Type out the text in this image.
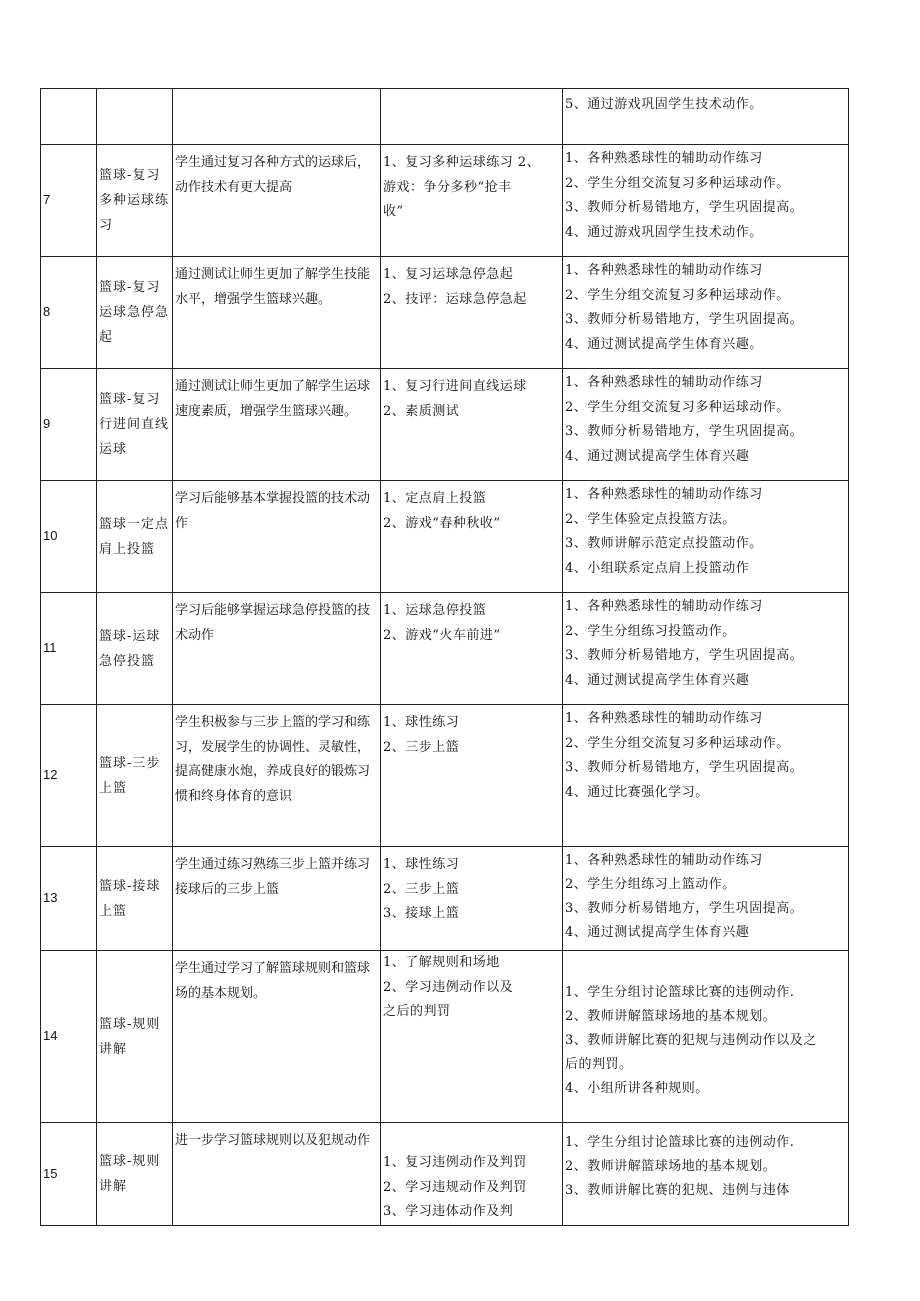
				5、通过游戏巩固学生技术动作。

7	篮球-复习多种运球练习	学生通过复习各种方式的运球后，动作技术有更大提高	1、复习多种运球练习 2、
游戏：争分多秒“抢丰
收”	1、各种熟悉球性的辅助动作练习
2、学生分组交流复习多种运球动作。
3、教师分析易错地方，学生巩固提高。
4、通过游戏巩固学生技术动作。

8	篮球-复习运球急停急起	通过测试让师生更加了解学生技能水平，增强学生篮球兴趣。	1、复习运球急停急起
2、技评：运球急停急起	1、各种熟悉球性的辅助动作练习
2、学生分组交流复习多种运球动作。
3、教师分析易错地方，学生巩固提高。
4、通过测试提高学生体育兴趣。

9	篮球-复习行进间直线运球	通过测试让师生更加了解学生运球速度素质，增强学生篮球兴趣。	1、复习行进间直线运球
2、素质测试	1、各种熟悉球性的辅助动作练习
2、学生分组交流复习多种运球动作。
3、教师分析易错地方，学生巩固提高。
4、通过测试提高学生体育兴趣

10	篮球一定点肩上投篮	学习后能够基本掌握投篮的技术动作	1、定点肩上投篮
2、游戏“春种秋收”	1、各种熟悉球性的辅助动作练习
2、学生体验定点投篮方法。
3、教师讲解示范定点投篮动作。
4、小组联系定点肩上投篮动作

11	篮球-运球急停投篮	学习后能够掌握运球急停投篮的技术动作	1、运球急停投篮
2、游戏“火车前进”	1、各种熟悉球性的辅助动作练习
2、学生分组练习投篮动作。
3、教师分析易错地方，学生巩固提高。
4、通过测试提高学生体育兴趣

12	篮球-三步上篮	学生积极参与三步上篮的学习和练习，发展学生的协调性、灵敏性，提高健康水炮，养成良好的锻炼习惯和终身体育的意识	1、球性练习
2、三步上篮	1、各种熟悉球性的辅助动作练习
2、学生分组交流复习多种运球动作。
3、教师分析易错地方，学生巩固提高。
4、通过比赛强化学习。

13	篮球-接球上篮	学生通过练习熟练三步上篮并练习接球后的三步上篮	1、球性练习
2、三步上篮
3、接球上篮	1、各种熟悉球性的辅助动作练习
2、学生分组练习上篮动作。
3、教师分析易错地方，学生巩固提高。
4、通过测试提高学生体育兴趣

14	篮球-规则讲解	学生通过学习了解篮球规则和篮球场的基本规划。	1、了解规则和场地
2、学习违例动作以及
之后的判罚	1、学生分组讨论篮球比赛的违例动作.
2、教师讲解篮球场地的基本规划。
3、教师讲解比赛的犯规与违例动作以及之
后的判罚。
4、小组所讲各种规则。

15	篮球-规则讲解	进一步学习篮球规则以及犯规动作	1、复习违例动作及判罚
2、学习违规动作及判罚
3、学习违体动作及判	1、学生分组讨论篮球比赛的违例动作.
2、教师讲解篮球场地的基本规划。
3、教师讲解比赛的犯规、违例与违体
